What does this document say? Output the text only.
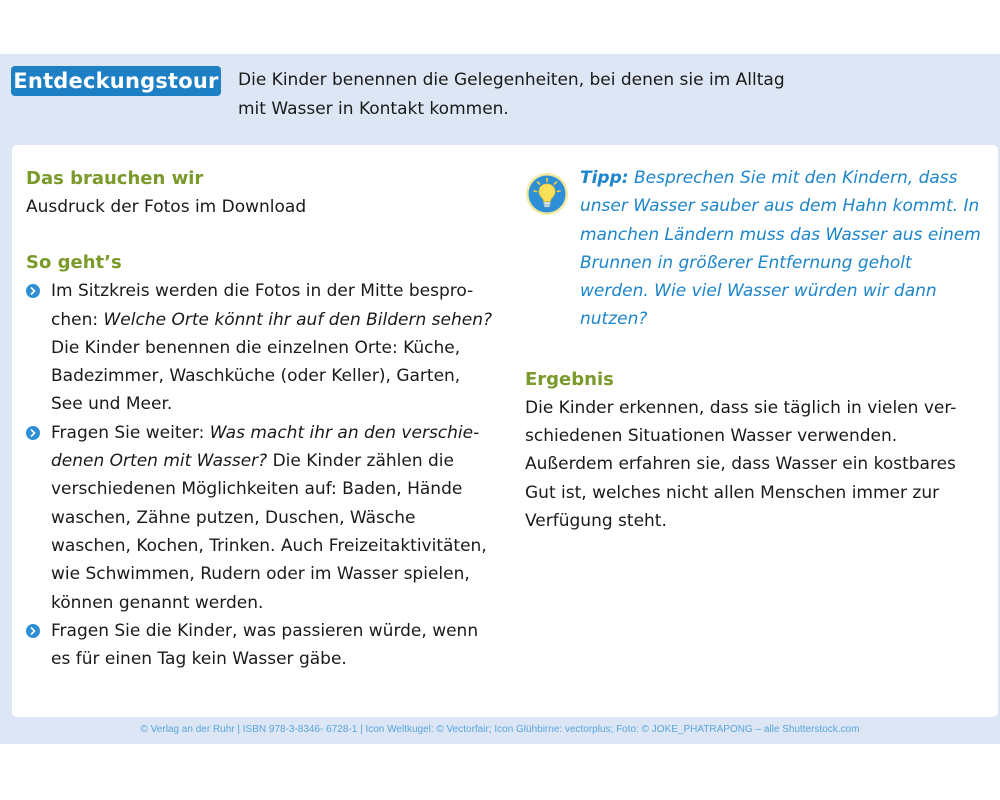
Entdeckungstour Die Kinder benennen die Gelegenheiten, bei denen sie im Alltag
mit Wasser in Kontakt kommen.

Das brauchen wir

Ausdruck der Fotos im Download

So geht’s
Im Sitzkreis werden die Fotos in der Mitte bespro-chen: Welche Orte könnt ihr auf den Bildern sehen? Die Kinder benennen die einzelnen Orte: Küche, Badezimmer, Waschküche (oder Keller), Garten, See und Meer.
Fragen Sie weiter: Was macht ihr an den verschie-denen Orten mit Wasser? Die Kinder zählen die verschiedenen Möglichkeiten auf: Baden, Hände waschen, Zähne putzen, Duschen, Wäsche waschen, Kochen, Trinken. Auch Freizeitaktivitäten, wie Schwimmen, Rudern oder im Wasser spielen, können genannt werden.
Fragen Sie die Kinder, was passieren würde, wenn es für einen Tag kein Wasser gäbe.

Tipp: Besprechen Sie mit den Kindern, dass unser Wasser sauber aus dem Hahn kommt. In manchen Ländern muss das Wasser aus einem Brunnen in größerer Entfernung geholt werden. Wie viel Wasser würden wir dann nutzen?

Ergebnis

Die Kinder erkennen, dass sie täglich in vielen ver-schiedenen Situationen Wasser verwenden. Außerdem erfahren sie, dass Wasser ein kostbares Gut ist, welches nicht allen Menschen immer zur Verfügung steht.

© Verlag an der Ruhr | ISBN 978-3-8346- 6728-1 | Icon Weltkugel: © Vectorfair; Icon Glühbirne: vectorplus; Foto: © JOKE_PHATRAPONG – alle Shutterstock.com
